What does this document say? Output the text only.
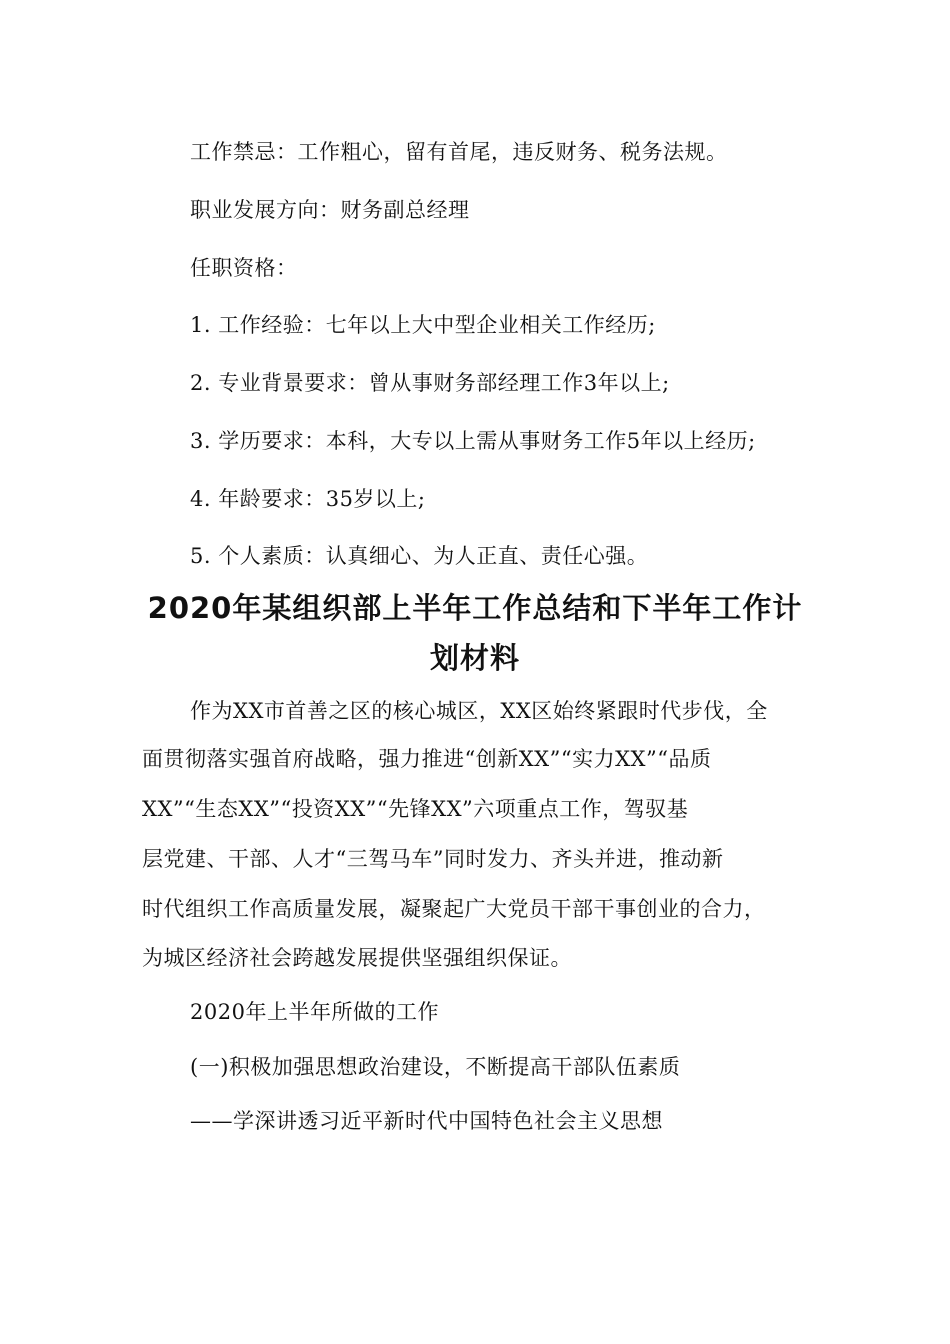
工作禁忌：工作粗心，留有首尾，违反财务、税务法规。
职业发展方向：财务副总经理
任职资格：
1. 工作经验：七年以上大中型企业相关工作经历;
2. 专业背景要求：曾从事财务部经理工作3年以上;
3. 学历要求：本科，大专以上需从事财务工作5年以上经历;
4. 年龄要求：35岁以上;
5. 个人素质：认真细心、为人正直、责任心强。
2020年某组织部上半年工作总结和下半年工作计
划材料
作为XX市首善之区的核心城区，XX区始终紧跟时代步伐，全
面贯彻落实强首府战略，强力推进“创新XX”“实力XX”“品质
XX”“生态XX”“投资XX”“先锋XX”六项重点工作，驾驭基
层党建、干部、人才“三驾马车”同时发力、齐头并进，推动新
时代组织工作高质量发展，凝聚起广大党员干部干事创业的合力，
为城区经济社会跨越发展提供坚强组织保证。
2020年上半年所做的工作
(一)积极加强思想政治建设，不断提高干部队伍素质
——学深讲透习近平新时代中国特色社会主义思想
